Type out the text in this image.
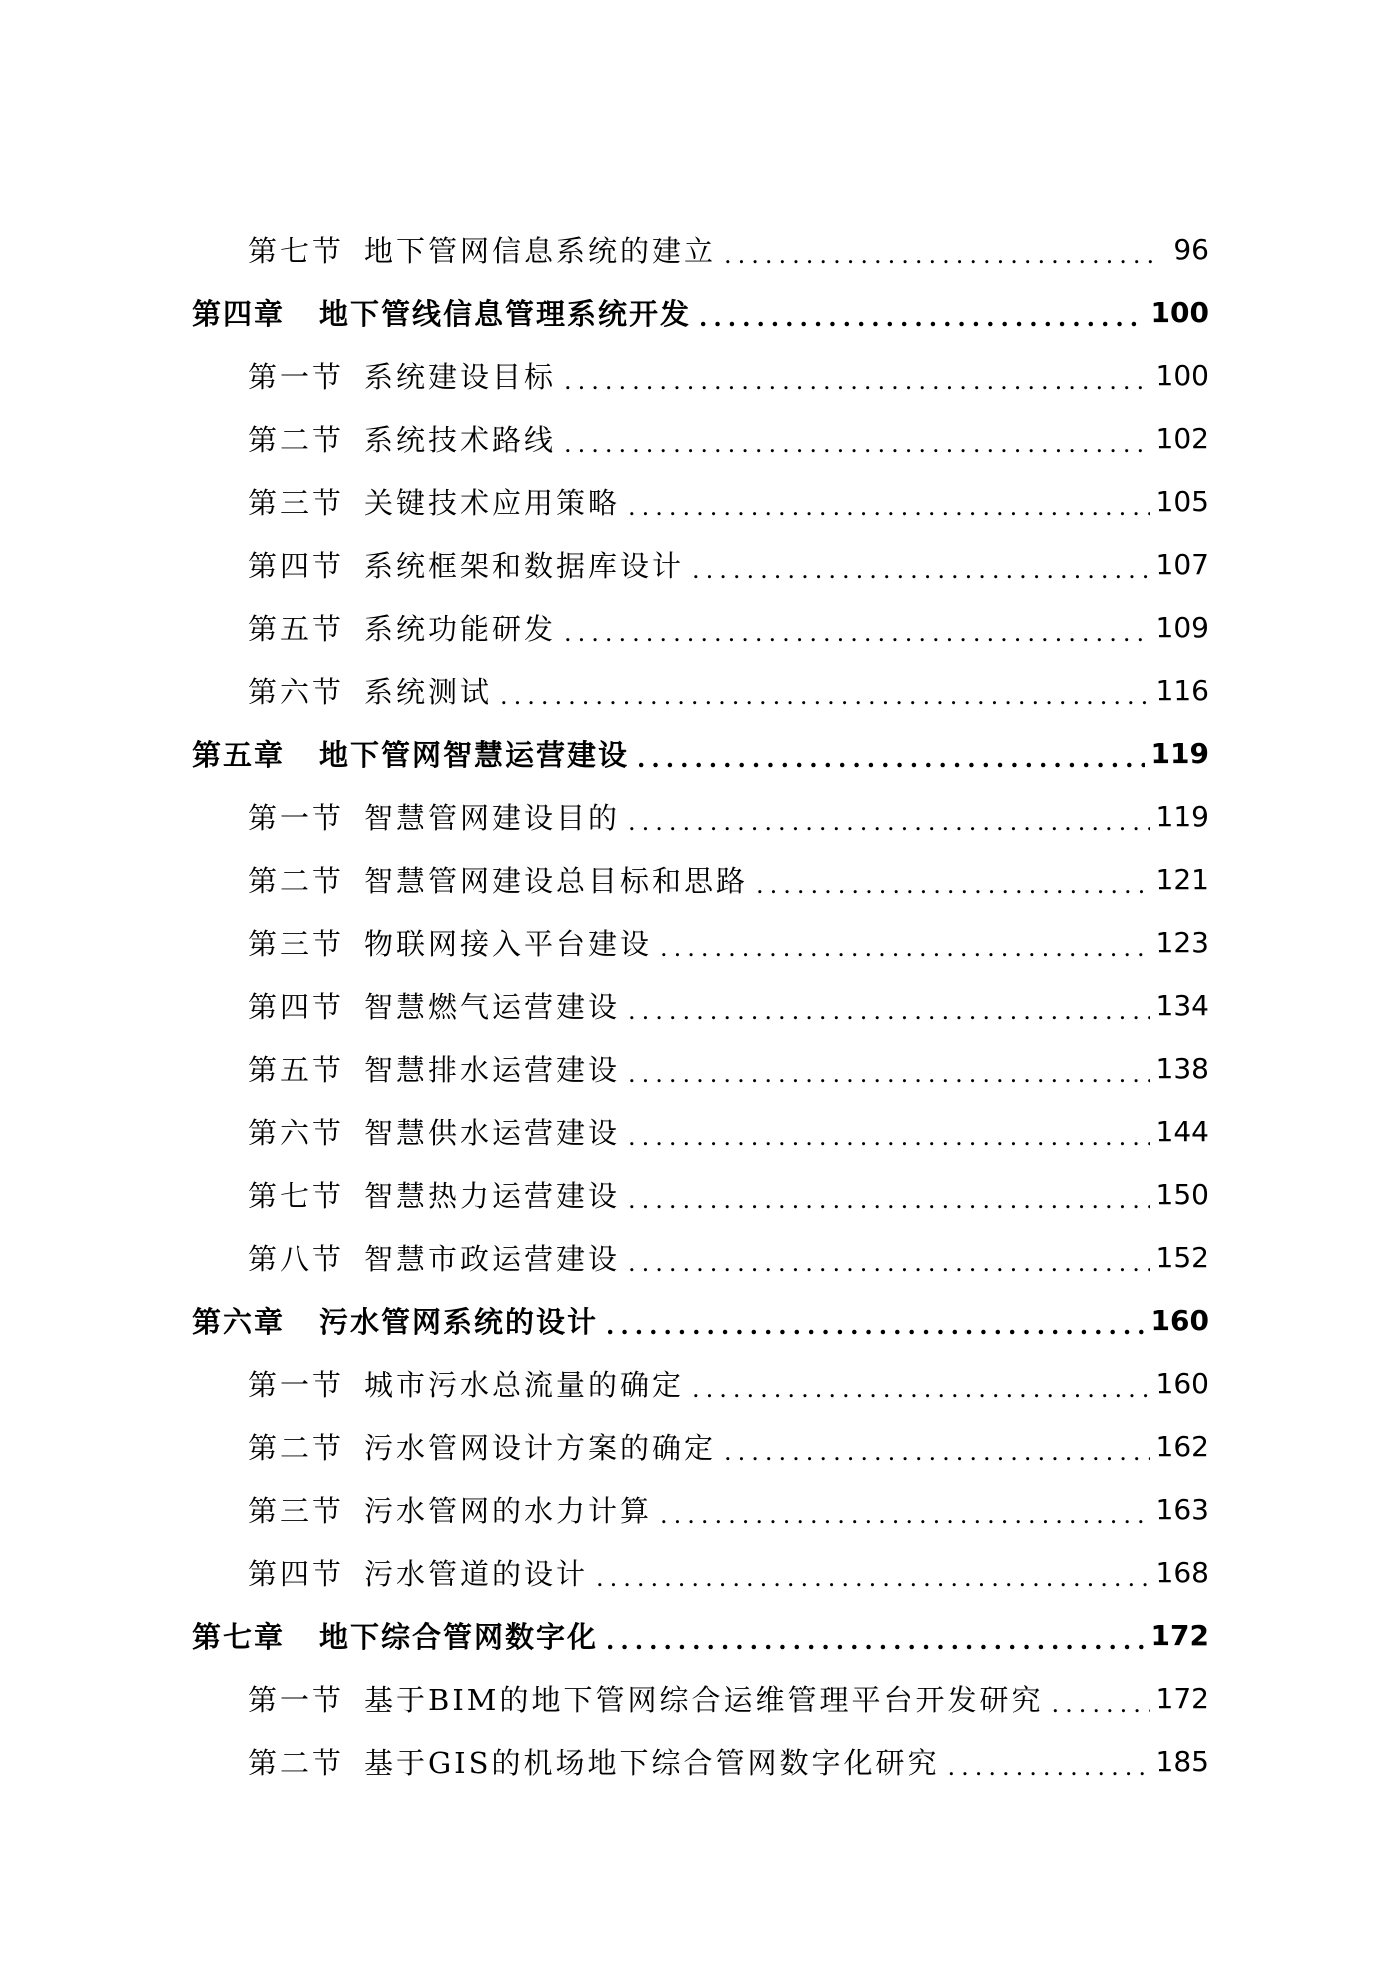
第七节 地下管网信息系统的建立 .....	96
第四章 地下管线信息管理系统开发 .....	100
第一节 系统建设目标 .....	100
第二节 系统技术路线 .....	102
第三节 关键技术应用策略 .....	105
第四节 系统框架和数据库设计 .....	107
第五节 系统功能研发 .....	109
第六节 系统测试 .....	116
第五章 地下管网智慧运营建设 .....	119
第一节 智慧管网建设目的 .....	119
第二节 智慧管网建设总目标和思路 .....	121
第三节 物联网接入平台建设 .....	123
第四节 智慧燃气运营建设 .....	134
第五节 智慧排水运营建设 .....	138
第六节 智慧供水运营建设 .....	144
第七节 智慧热力运营建设 .....	150
第八节 智慧市政运营建设 .....	152
第六章 污水管网系统的设计 .....	160
第一节 城市污水总流量的确定 .....	160
第二节 污水管网设计方案的确定 .....	162
第三节 污水管网的水力计算 .....	163
第四节 污水管道的设计 .....	168
第七章 地下综合管网数字化 .....	172
第一节 基于BIM的地下管网综合运维管理平台开发研究 .....	172
第二节 基于GIS的机场地下综合管网数字化研究 .....	185
